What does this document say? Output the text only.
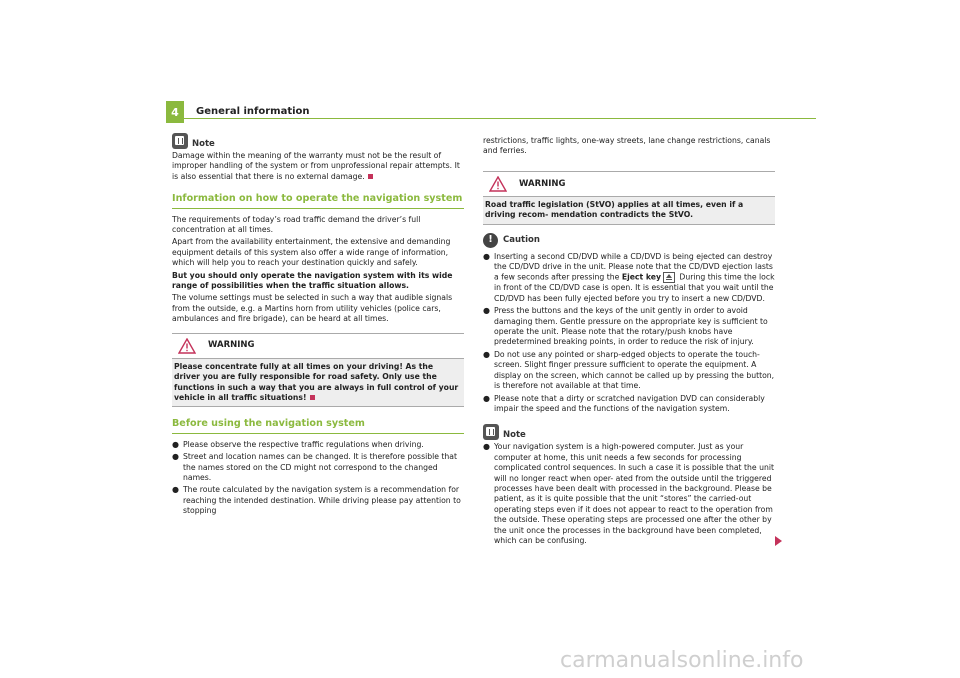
4	General information
Note

Damage within the meaning of the warranty must not be the result of improper handling of the system or from unprofessional repair attempts. It is also essential that there is no external damage.

Information on how to operate the navigation system

The requirements of today’s road traffic demand the driver’s full concentration at all times.

Apart from the availability entertainment, the extensive and demanding equipment details of this system also offer a wide range of information, which will help you to reach your destination quickly and safely.

But you should only operate the navigation system with its wide range of possibilities when the traffic situation allows.

The volume settings must be selected in such a way that audible signals from the outside, e.g. a Martins horn from utility vehicles (police cars, ambulances and fire brigade), can be heard at all times.

WARNING
Please concentrate fully at all times on your driving! As the driver you are fully responsible for road safety. Only use the functions in such a way that you are always in full control of your vehicle in all traffic situations!
Before using the navigation system
● Please observe the respective traffic regulations when driving.
● Street and location names can be changed. It is therefore possible that the names stored on the CD might not correspond to the changed names.
● The route calculated by the navigation system is a recommendation for reaching the intended destination. While driving please pay attention to stopping

restrictions, traffic lights, one-way streets, lane change restrictions, canals and ferries.

WARNING
Road traffic legislation (StVO) applies at all times, even if a driving recom- mendation contradicts the StVO.
!	Caution
● Inserting a second CD/DVD while a CD/DVD is being ejected can destroy the CD/DVD drive in the unit. Please note that the CD/DVD ejection lasts a few seconds after pressing the Eject key During this time the lock in front of the CD/DVD case is open. It is essential that you wait until the CD/DVD has been fully ejected before you try to insert a new CD/DVD.
● Press the buttons and the keys of the unit gently in order to avoid damaging them. Gentle pressure on the appropriate key is sufficient to operate the unit. Please note that the rotary/push knobs have predetermined breaking points, in order to reduce the risk of injury.
● Do not use any pointed or sharp-edged objects to operate the touch-screen. Slight finger pressure sufficient to operate the equipment. A display on the screen, which cannot be called up by pressing the button, is therefore not available at that time.
● Please note that a dirty or scratched navigation DVD can considerably impair the speed and the functions of the navigation system.
Note
● Your navigation system is a high-powered computer. Just as your computer at home, this unit needs a few seconds for processing complicated control sequences. In such a case it is possible that the unit will no longer react when oper- ated from the outside until the triggered processes have been dealt with processed in the background. Please be patient, as it is quite possible that the unit “stores” the carried-out operating steps even if it does not appear to react to the operation from the outside. These operating steps are processed one after the other by the unit once the processes in the background have been completed, which can be confusing.
carmanualsonline.info
